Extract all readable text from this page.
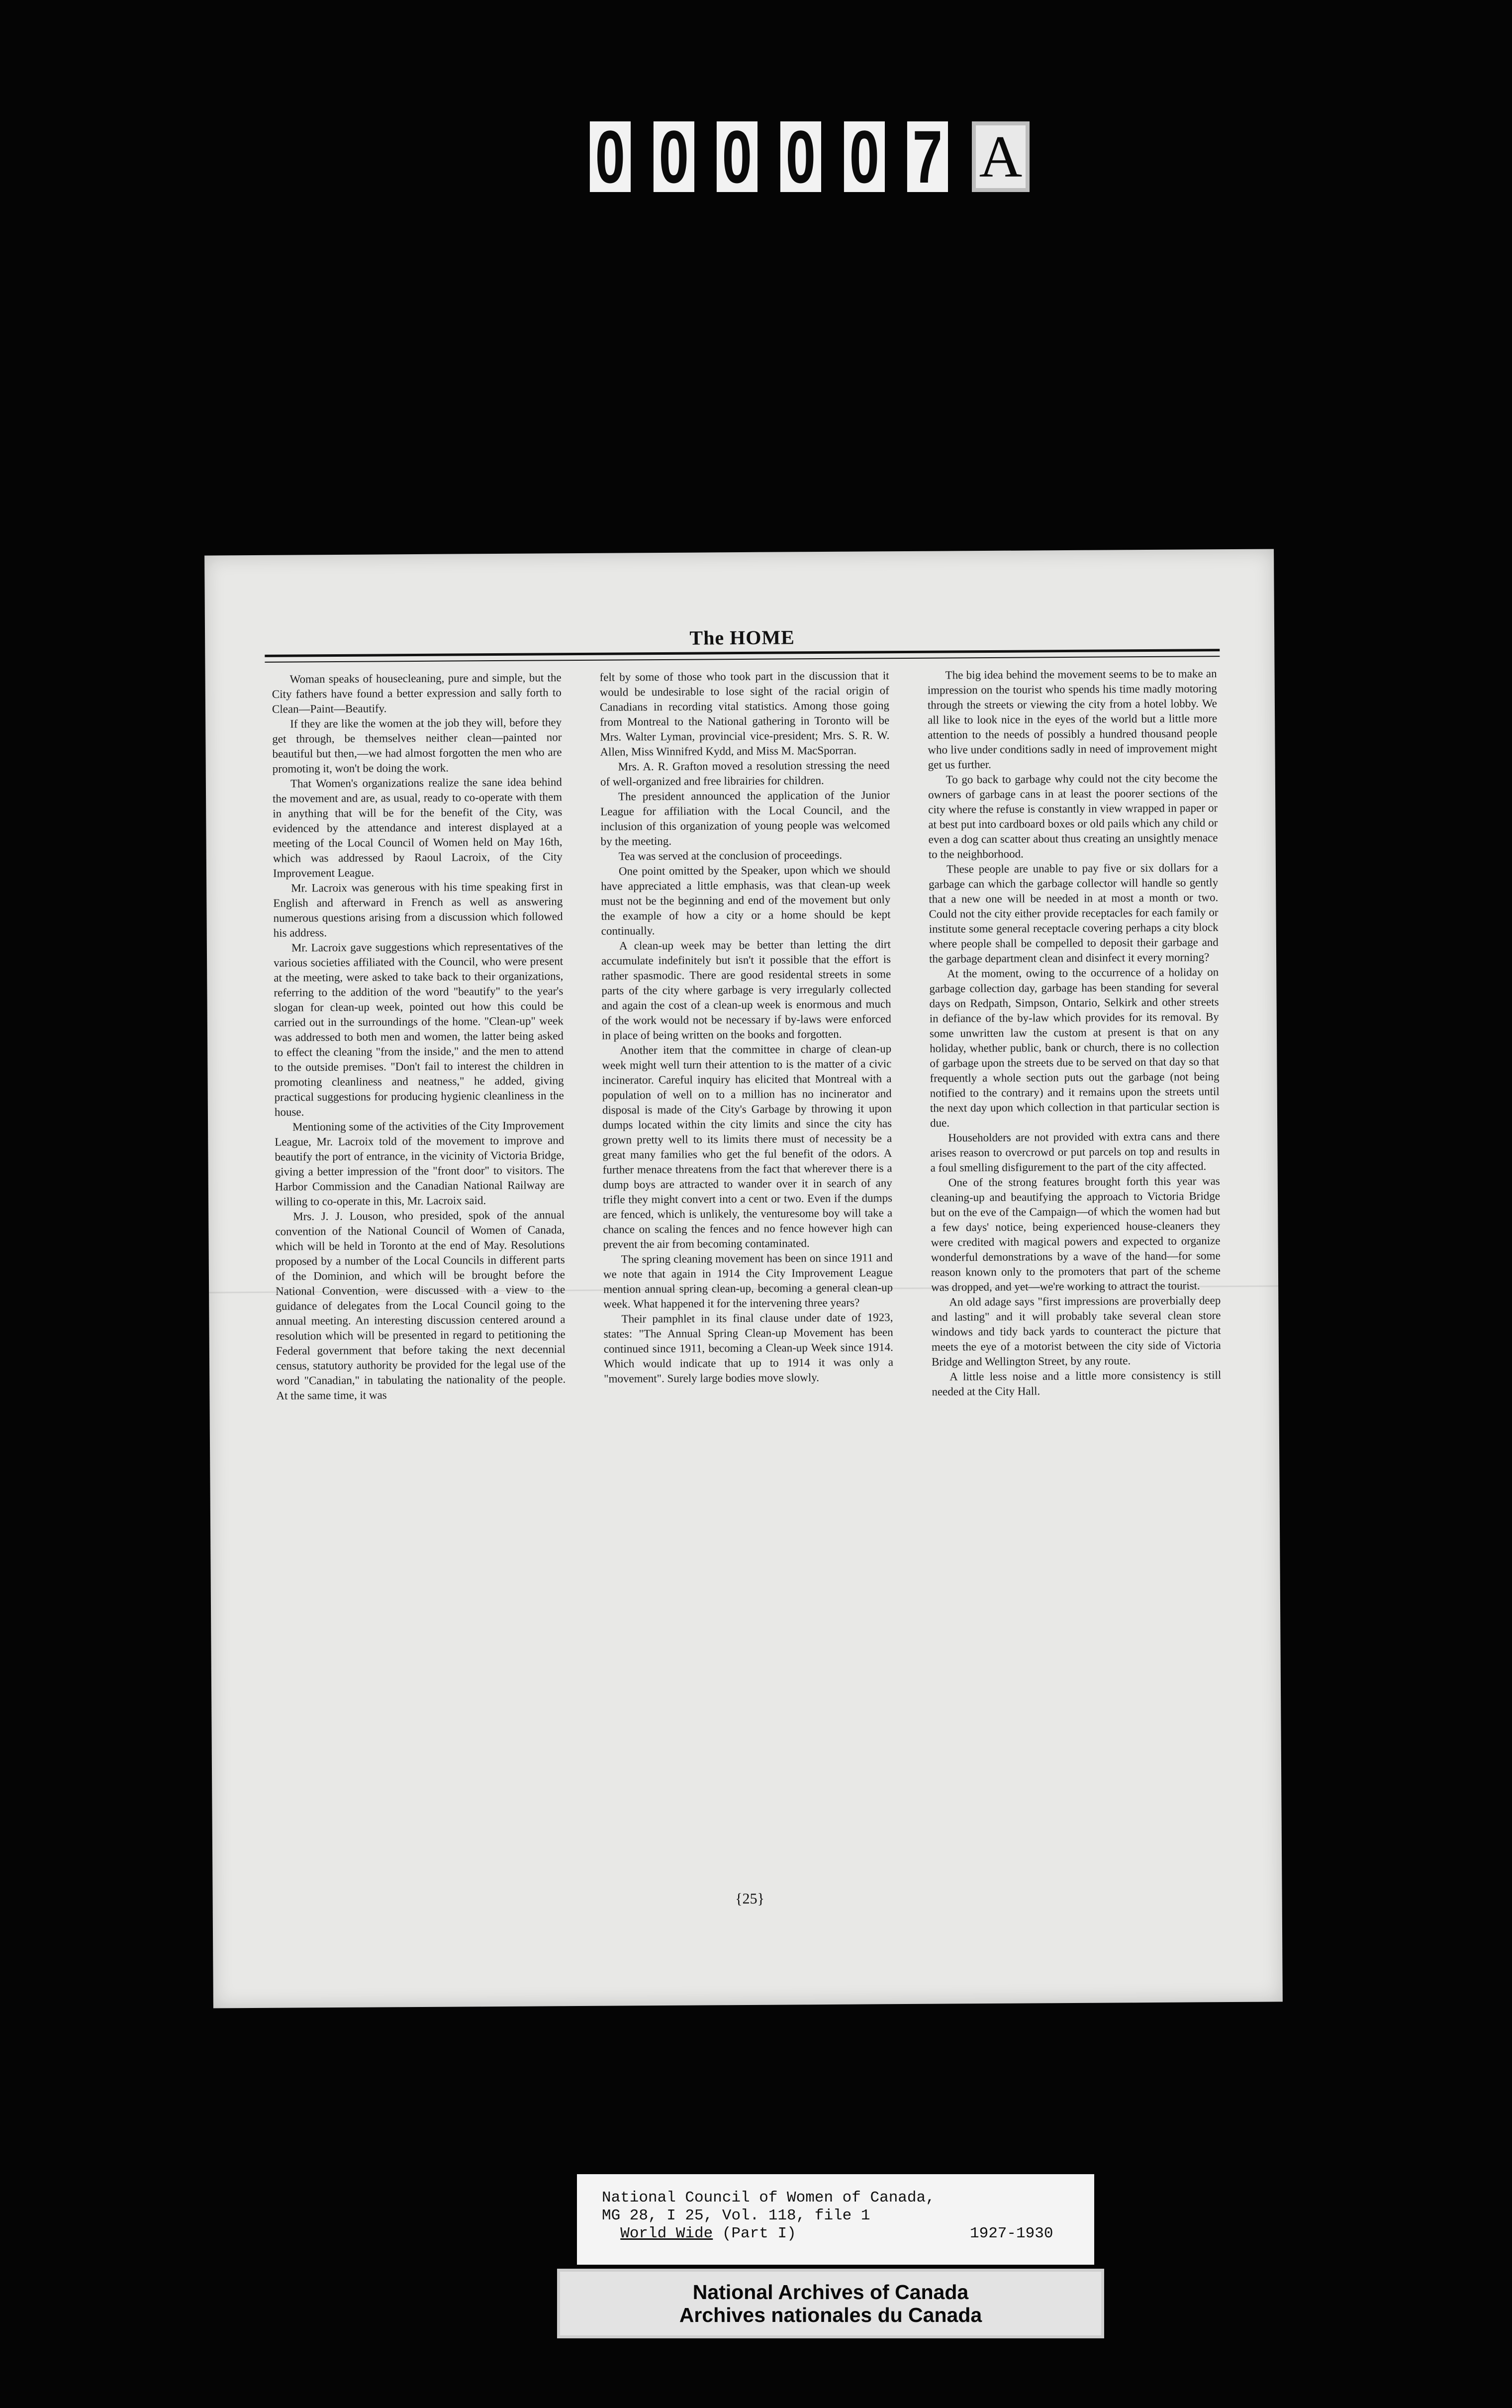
0 0 0 0 0 7 A
The HOME

Woman speaks of housecleaning, pure and simple, but the City fathers have found a better expression and sally forth to Clean—Paint—Beautify.

If they are like the women at the job they will, before they get through, be themselves neither clean—painted nor beautiful but then,—we had almost forgotten the men who are promoting it, won't be doing the work.

That Women's organizations realize the sane idea behind the movement and are, as usual, ready to co-operate with them in anything that will be for the benefit of the City, was evidenced by the attendance and interest displayed at a meeting of the Local Council of Women held on May 16th, which was addressed by Raoul Lacroix, of the City Improvement League.

Mr. Lacroix was generous with his time speaking first in English and afterward in French as well as answering numerous questions arising from a discussion which followed his address.

Mr. Lacroix gave suggestions which representatives of the various societies affiliated with the Council, who were present at the meeting, were asked to take back to their organizations, referring to the addition of the word "beautify" to the year's slogan for clean-up week, pointed out how this could be carried out in the surroundings of the home. "Clean-up" week was addressed to both men and women, the latter being asked to effect the cleaning "from the inside," and the men to attend to the outside premises. "Don't fail to interest the children in promoting cleanliness and neatness," he added, giving practical suggestions for producing hygienic cleanliness in the house.

Mentioning some of the activities of the City Improvement League, Mr. Lacroix told of the movement to improve and beautify the port of entrance, in the vicinity of Victoria Bridge, giving a better impression of the "front door" to visitors. The Harbor Commission and the Canadian National Railway are willing to co-operate in this, Mr. Lacroix said.

Mrs. J. J. Louson, who presided, spok of the annual convention of the National Council of Women of Canada, which will be held in Toronto at the end of May. Resolutions proposed by a number of the Local Councils in different parts of the Dominion, and which will be brought before the National Convention, were discussed with a view to the guidance of delegates from the Local Council going to the annual meeting. An interesting discussion centered around a resolution which will be presented in regard to petitioning the Federal government that before taking the next decennial census, statutory authority be provided for the legal use of the word "Canadian," in tabulating the nationality of the people. At the same time, it was

felt by some of those who took part in the discussion that it would be undesirable to lose sight of the racial origin of Canadians in recording vital statistics. Among those going from Montreal to the National gathering in Toronto will be Mrs. Walter Lyman, provincial vice-president; Mrs. S. R. W. Allen, Miss Winnifred Kydd, and Miss M. MacSporran.

Mrs. A. R. Grafton moved a resolution stressing the need of well-organized and free librairies for children.

The president announced the application of the Junior League for affiliation with the Local Council, and the inclusion of this organization of young people was welcomed by the meeting.

Tea was served at the conclusion of proceedings.

One point omitted by the Speaker, upon which we should have appreciated a little emphasis, was that clean-up week must not be the beginning and end of the movement but only the example of how a city or a home should be kept continually.

A clean-up week may be better than letting the dirt accumulate indefinitely but isn't it possible that the effort is rather spasmodic. There are good residental streets in some parts of the city where garbage is very irregularly collected and again the cost of a clean-up week is enormous and much of the work would not be necessary if by-laws were enforced in place of being written on the books and forgotten.

Another item that the committee in charge of clean-up week might well turn their attention to is the matter of a civic incinerator. Careful inquiry has elicited that Montreal with a population of well on to a million has no incinerator and disposal is made of the City's Garbage by throwing it upon dumps located within the city limits and since the city has grown pretty well to its limits there must of necessity be a great many families who get the ful benefit of the odors. A further menace threatens from the fact that wherever there is a dump boys are attracted to wander over it in search of any trifle they might convert into a cent or two. Even if the dumps are fenced, which is unlikely, the venturesome boy will take a chance on scaling the fences and no fence however high can prevent the air from becoming contaminated.

The spring cleaning movement has been on since 1911 and we note that again in 1914 the City Improvement League mention annual spring clean-up, becoming a general clean-up week. What happened it for the intervening three years?

Their pamphlet in its final clause under date of 1923, states: "The Annual Spring Clean-up Movement has been continued since 1911, becoming a Clean-up Week since 1914. Which would indicate that up to 1914 it was only a "movement". Surely large bodies move slowly.

The big idea behind the movement seems to be to make an impression on the tourist who spends his time madly motoring through the streets or viewing the city from a hotel lobby. We all like to look nice in the eyes of the world but a little more attention to the needs of possibly a hundred thousand people who live under conditions sadly in need of improvement might get us further.

To go back to garbage why could not the city become the owners of garbage cans in at least the poorer sections of the city where the refuse is constantly in view wrapped in paper or at best put into cardboard boxes or old pails which any child or even a dog can scatter about thus creating an unsightly menace to the neighborhood.

These people are unable to pay five or six dollars for a garbage can which the garbage collector will handle so gently that a new one will be needed in at most a month or two. Could not the city either provide receptacles for each family or institute some general receptacle covering perhaps a city block where people shall be compelled to deposit their garbage and the garbage department clean and disinfect it every morning?

At the moment, owing to the occurrence of a holiday on garbage collection day, garbage has been standing for several days on Redpath, Simpson, Ontario, Selkirk and other streets in defiance of the by-law which provides for its removal. By some unwritten law the custom at present is that on any holiday, whether public, bank or church, there is no collection of garbage upon the streets due to be served on that day so that frequently a whole section puts out the garbage (not being notified to the contrary) and it remains upon the streets until the next day upon which collection in that particular section is due.

Householders are not provided with extra cans and there arises reason to overcrowd or put parcels on top and results in a foul smelling disfigurement to the part of the city affected.

One of the strong features brought forth this year was cleaning-up and beautifying the approach to Victoria Bridge but on the eve of the Campaign—of which the women had but a few days' notice, being experienced house-cleaners they were credited with magical powers and expected to organize wonderful demonstrations by a wave of the hand—for some reason known only to the promoters that part of the scheme was dropped, and yet—we're working to attract the tourist.

An old adage says "first impressions are proverbially deep and lasting" and it will probably take several clean store windows and tidy back yards to counteract the picture that meets the eye of a motorist between the city side of Victoria Bridge and Wellington Street, by any route.

A little less noise and a little more consistency is still needed at the City Hall.

{25}
National Council of Women of Canada,
MG 28, I 25, Vol. 118, file 1
World Wide (Part I)	1927-1930
National Archives of Canada
Archives nationales du Canada
